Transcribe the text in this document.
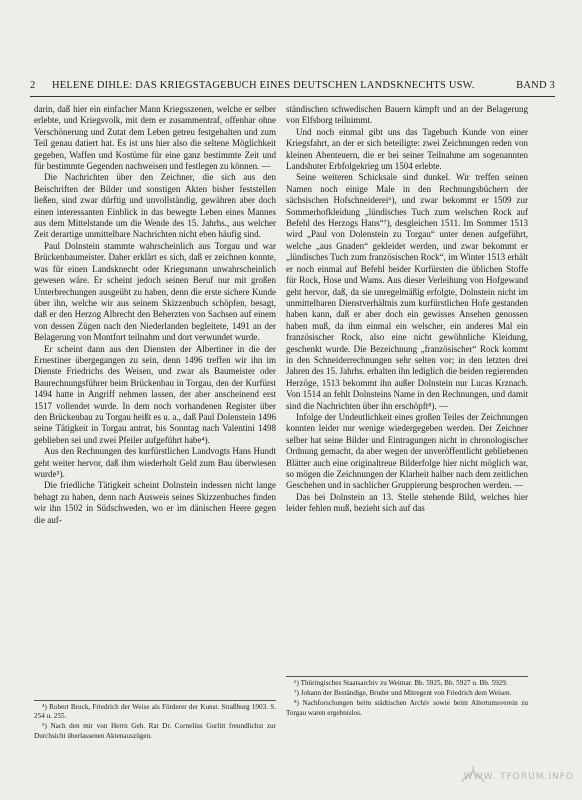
2 HELENE DIHLE: DAS KRIEGSTAGEBUCH EINES DEUTSCHEN LANDSKNECHTS USW.	BAND 3

darin, daß hier ein einfacher Mann Kriegsszenen, welche er selber erlebte, und Kriegsvolk, mit dem er zusammentraf, offenbar ohne Verschönerung und Zutat dem Leben getreu festgehalten und zum Teil genau datiert hat. Es ist uns hier also die seltene Möglichkeit gegeben, Waffen und Kostüme für eine ganz bestimmte Zeit und für bestimmte Gegenden nachweisen und festlegen zu können. —

Die Nachrichten über den Zeichner, die sich aus den Beischriften der Bilder und sonstigen Akten bisher feststellen ließen, sind zwar dürftig und unvollständig, gewähren aber doch einen interessanten Einblick in das bewegte Leben eines Mannes aus dem Mittelstande um die Wende des 15. Jahrhs., aus welcher Zeit derartige unmittelbare Nachrichten nicht eben häufig sind.

Paul Dolnstein stammte wahrscheinlich aus Torgau und war Brückenbaumeister. Daher erklärt es sich, daß er zeichnen konnte, was für einen Landsknecht oder Kriegsmann unwahrscheinlich gewesen wäre. Er scheint jedoch seinen Beruf nur mit großen Unterbrechungen ausgeübt zu haben, denn die erste sichere Kunde über ihn, welche wir aus seinem Skizzenbuch schöpfen, besagt, daß er den Herzog Albrecht den Beherzten von Sachsen auf einem von dessen Zügen nach den Niederlanden begleitete, 1491 an der Belagerung von Montfort teilnahm und dort verwundet wurde.

Er scheint dann aus den Diensten der Albertiner in die der Ernestiner übergegangen zu sein, denn 1496 treffen wir ihn im Dienste Friedrichs des Weisen, und zwar als Baumeister oder Baurechnungsführer beim Brückenbau in Torgau, den der Kurfürst 1494 hatte in Angriff nehmen lassen, der aber anscheinend erst 1517 vollendet wurde. In dem noch vorhandenen Register über den Brückenbau zu Torgau heißt es u. a., daß Paul Dolenstein 1496 seine Tätigkeit in Torgau antrat, bis Sonntag nach Valentini 1498 geblieben sei und zwei Pfeiler aufgeführt habe⁴).

Aus den Rechnungen des kurfürstlichen Landvogts Hans Hundt geht weiter hervor, daß ihm wiederholt Geld zum Bau überwiesen wurde⁵).

Die friedliche Tätigkeit scheint Dolnstein indessen nicht lange behagt zu haben, denn nach Ausweis seines Skizzenbuches finden wir ihn 1502 in Südschweden, wo er im dänischen Heere gegen die auf-

ständischen schwedischen Bauern kämpft und an der Belagerung von Elfsborg teilnimmt.

Und noch einmal gibt uns das Tagebuch Kunde von einer Kriegsfahrt, an der er sich beteiligte: zwei Zeichnungen reden von kleinen Abenteuern, die er bei seiner Teilnahme am sogenannten Landshuter Erbfolgekrieg um 1504 erlebte.

Seine weiteren Schicksale sind dunkel. Wir treffen seinen Namen noch einige Male in den Rechnungsbüchern der sächsischen Hofschneiderei⁶), und zwar bekommt er 1509 zur Sommerhofkleidung „lündisches Tuch zum welschen Rock auf Befehl des Herzogs Hans“⁷), desgleichen 1511. Im Sommer 1513 wird „Paul von Dolenstein zu Torgau“ unter denen aufgeführt, welche „aus Gnaden“ gekleidet werden, und zwar bekommt er „lündisches Tuch zum französischen Rock“, im Winter 1513 erhält er noch einmal auf Befehl beider Kurfürsten die üblichen Stoffe für Rock, Hose und Wams. Aus dieser Verleihung von Hofgewand geht hervor, daß, da sie unregelmäßig erfolgte, Dolnstein nicht im unmittelbaren Dienstverhältnis zum kurfürstlichen Hofe gestanden haben kann, daß er aber doch ein gewisses Ansehen genossen haben muß, da ihm einmal ein welscher, ein anderes Mal ein französischer Rock, also eine nicht gewöhnliche Kleidung, geschenkt wurde. Die Bezeichnung „französischer“ Rock kommt in den Schneiderrechnungen sehr selten vor; in den letzten drei Jahren des 15. Jahrhs. erhalten ihn lediglich die beiden regierenden Herzöge, 1513 bekommt ihn außer Dolnstein nur Lucas Krznach. Von 1514 an fehlt Dolnsteins Name in den Rechnungen, und damit sind die Nachrichten über ihn erschöpft⁸). —

Infolge der Undeutlichkeit eines großen Teiles der Zeichnungen konnten leider nur wenige wiedergegeben werden. Der Zeichner selber hat seine Bilder und Eintragungen nicht in chronologischer Ordnung gemacht, da aber wegen der unveröffentlicht gebliebenen Blätter auch eine originaltreue Bilderfolge hier nicht möglich war, so mögen die Zeichnungen der Klarheit halber nach dem zeitlichen Geschehen und in sachlicher Gruppierung besprochen werden. —

Das bei Dolnstein an 13. Stelle stehende Bild, welches hier leider fehlen muß, bezieht sich auf das

⁴) Robert Bruck, Friedrich der Weise als Förderer der Kunst. Straßburg 1903. S. 254 u. 255.

⁵) Nach den mir von Herrn Geh. Rat Dr. Cornelius Gurlitt freundlichst zur Durchsicht überlassenen Aktenauszügen.

⁶) Thüringisches Staatsarchiv zu Weimar. Bb. 5925, Bb. 5927 u. Bb. 5929.

⁷) Johann der Beständige, Bruder und Mitregent von Friedrich dem Weisen.

⁸) Nachforschungen beim städtischen Archiv sowie beim Altertumsverein zu Torgau waren ergebnislos.

WWW. TFORUM.INFO
